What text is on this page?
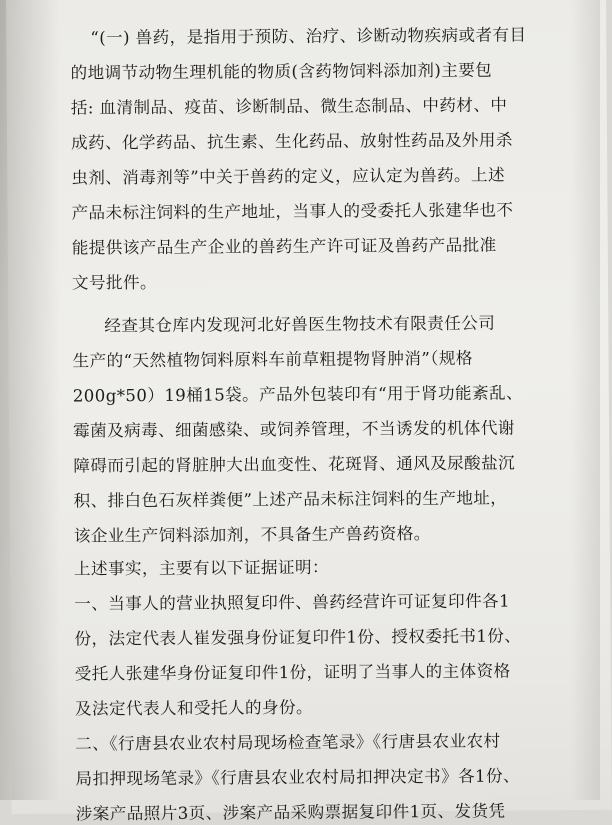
“(一) 兽药，是指用于预防、治疗、诊断动物疾病或者有目
的地调节动物生理机能的物质(含药物饲料添加剂)主要包
括: 血清制品、疫苗、诊断制品、微生态制品、中药材、中
成药、化学药品、抗生素、生化药品、放射性药品及外用杀
虫剂、消毒剂等”中关于兽药的定义，应认定为兽药。上述
产品未标注饲料的生产地址，当事人的受委托人张建华也不
能提供该产品生产企业的兽药生产许可证及兽药产品批准
文号批件。
经查其仓库内发现河北好兽医生物技术有限责任公司
生产的“天然植物饲料原料车前草粗提物肾肿消”（规格
200g*50）19桶15袋。产品外包装印有“用于肾功能紊乱、
霉菌及病毒、细菌感染、或饲养管理，不当诱发的机体代谢
障碍而引起的肾脏肿大出血变性、花斑肾、通风及尿酸盐沉
积、排白色石灰样粪便”上述产品未标注饲料的生产地址，
该企业生产饲料添加剂，不具备生产兽药资格。
上述事实，主要有以下证据证明：
一、当事人的营业执照复印件、兽药经营许可证复印件各1
份，法定代表人崔发强身份证复印件1份、授权委托书1份、
受托人张建华身份证复印件1份，证明了当事人的主体资格
及法定代表人和受托人的身份。
二、《行唐县农业农村局现场检查笔录》《行唐县农业农村
局扣押现场笔录》《行唐县农业农村局扣押决定书》各1份、
涉案产品照片3页、涉案产品采购票据复印件1页、发货凭
